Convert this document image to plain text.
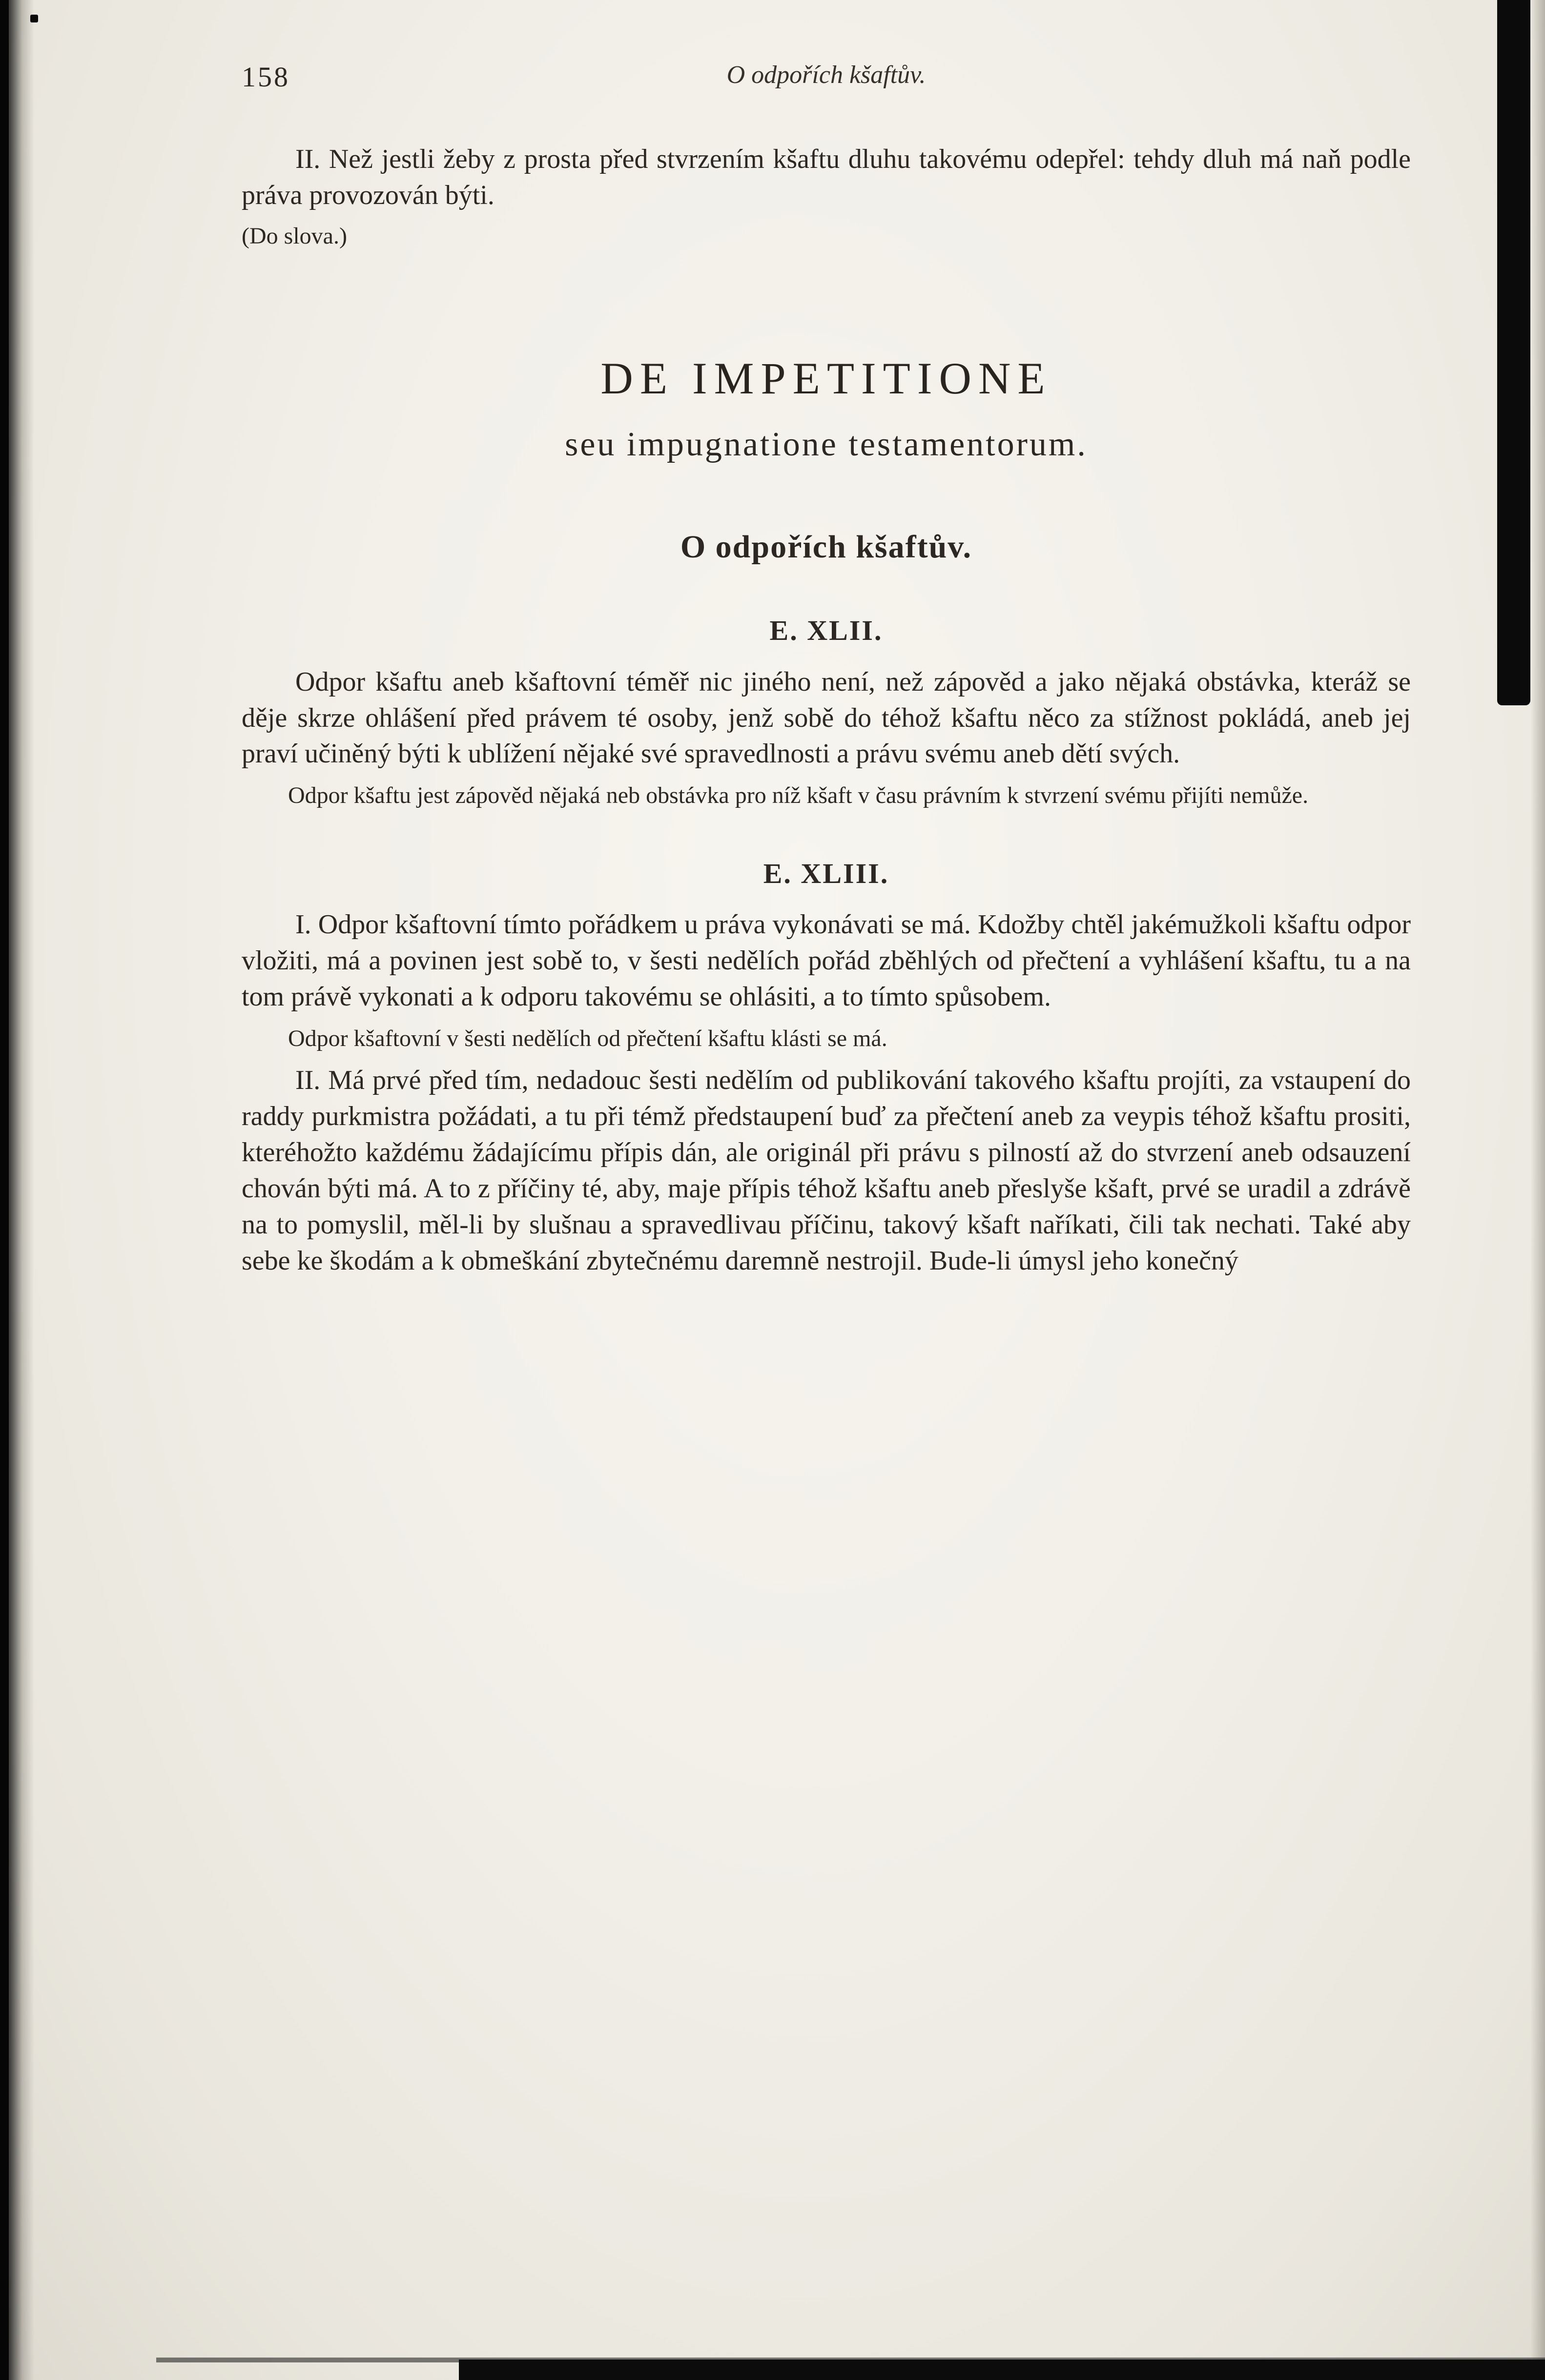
158	O odpořích kšaftův.

II. Než jestli žeby z prosta před stvrzením kšaftu dluhu takovému odepřel: tehdy dluh má naň podle práva provozován býti.

(Do slova.)

DE IMPETITIONE
seu impugnatione testamentorum.
O odpořích kšaftův.
E. XLII.

Odpor kšaftu aneb kšaftovní téměř nic jiného není, než zápověd a jako nějaká obstávka, kteráž se děje skrze ohlášení před právem té osoby, jenž sobě do téhož kšaftu něco za stížnost pokládá, aneb jej praví učiněný býti k ublížení nějaké své spravedlnosti a právu svému aneb dětí svých.

Odpor kšaftu jest zápověd nějaká neb obstávka pro níž kšaft v času právním k stvrzení svému přijíti nemůže.

E. XLIII.

I. Odpor kšaftovní tímto pořádkem u práva vykonávati se má. Kdožby chtěl jakémužkoli kšaftu odpor vložiti, má a povinen jest sobě to, v šesti nedělích pořád zběhlých od přečtení a vyhlášení kšaftu, tu a na tom právě vykonati a k odporu takovému se ohlásiti, a to tímto spůsobem.

Odpor kšaftovní v šesti nedělích od přečtení kšaftu klásti se má.

II. Má prvé před tím, nedadouc šesti nedělím od publikování takového kšaftu projíti, za vstaupení do raddy purkmistra požádati, a tu při témž předstaupení buď za přečtení aneb za veypis téhož kšaftu prositi, kteréhožto každému žádajícímu přípis dán, ale originál při právu s pilností až do stvrzení aneb odsauzení chován býti má. A to z příčiny té, aby, maje přípis téhož kšaftu aneb přeslyše kšaft, prvé se uradil a zdrávě na to pomyslil, měl-li by slušnau a spravedlivau příčinu, takový kšaft naříkati, čili tak nechati. Také aby sebe ke škodám a k obmeškání zbytečnému daremně nestrojil. Bude-li úmysl jeho konečný
